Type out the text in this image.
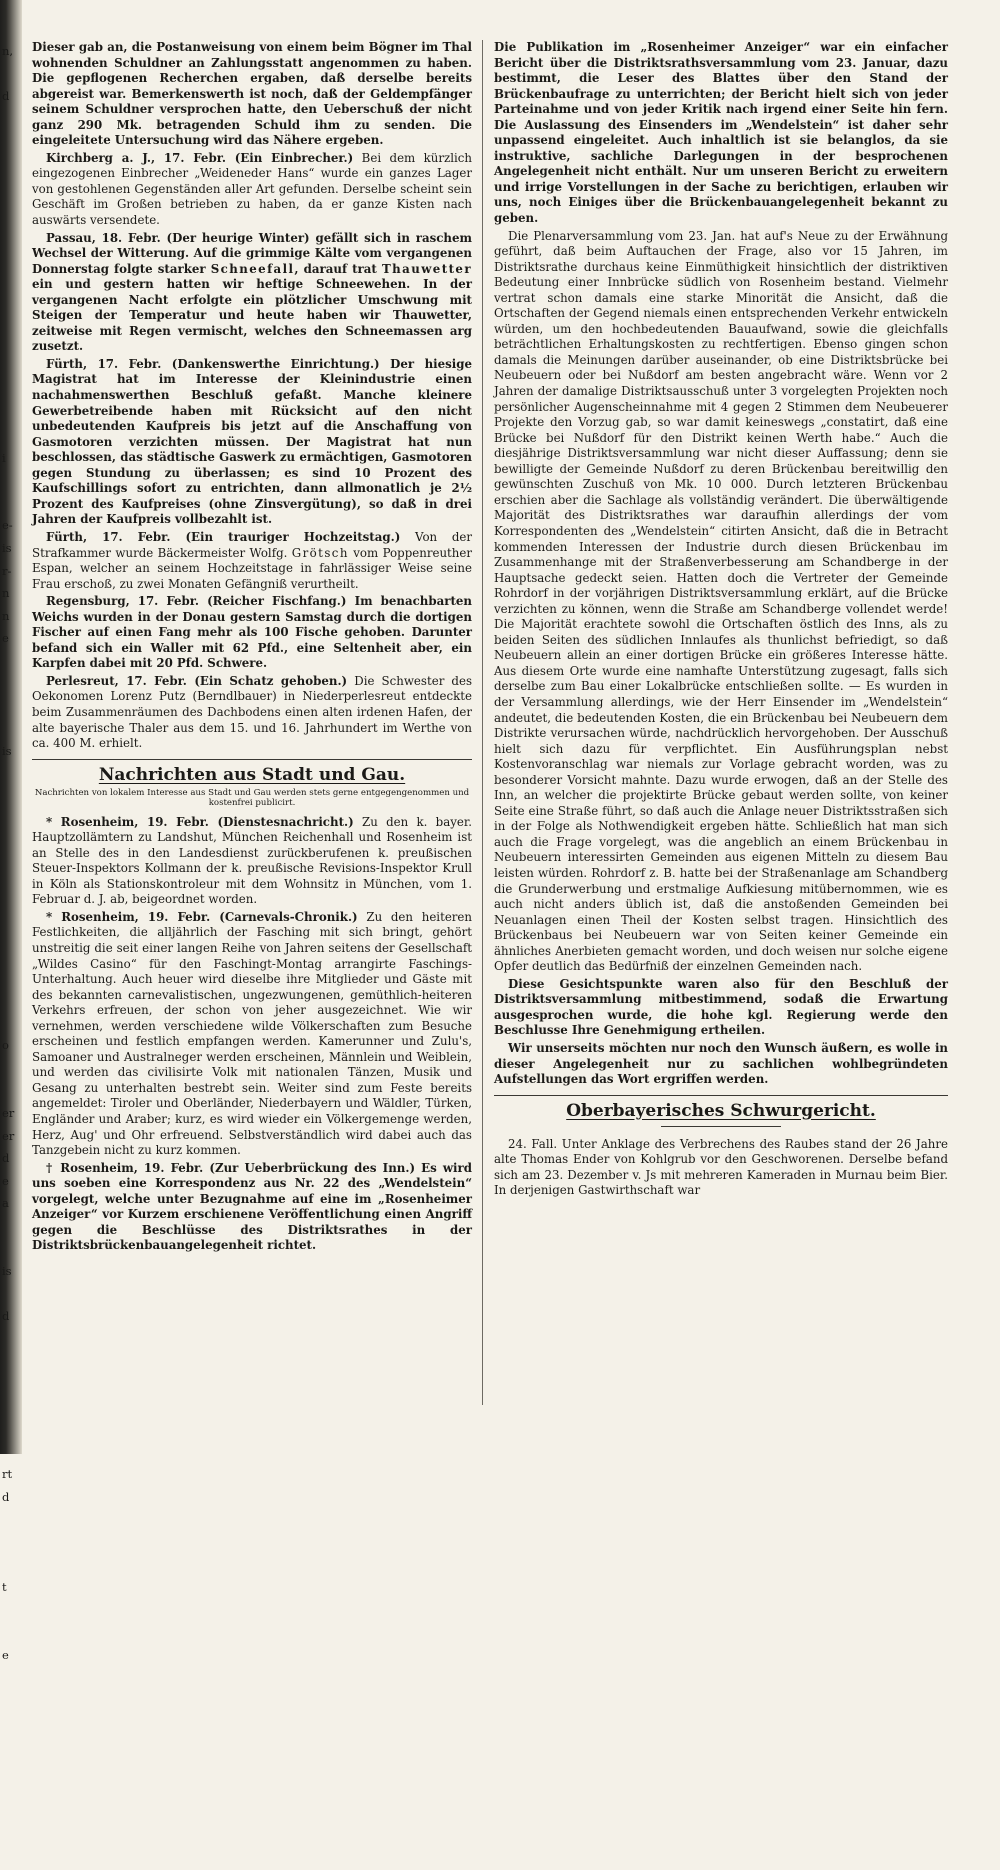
n,

d

i

e-
is
r-
n
n
e

is

o

er
er
d
e
a

is

d

rt
d

t

e

Dieser gab an, die Postanweisung von einem beim Bögner im Thal wohnenden Schuldner an Zahlungsstatt angenommen zu haben. Die gepflogenen Recherchen ergaben, daß derselbe bereits abgereist war. Bemerkenswerth ist noch, daß der Geldempfänger seinem Schuldner versprochen hatte, den Ueberschuß der nicht ganz 290 Mk. betragenden Schuld ihm zu senden. Die eingeleitete Untersuchung wird das Nähere ergeben.

Kirchberg a. J., 17. Febr. (Ein Einbrecher.) Bei dem kürzlich eingezogenen Einbrecher „Weideneder Hans“ wurde ein ganzes Lager von gestohlenen Gegenständen aller Art gefunden. Derselbe scheint sein Geschäft im Großen betrieben zu haben, da er ganze Kisten nach auswärts versendete.

Passau, 18. Febr. (Der heurige Winter) gefällt sich in raschem Wechsel der Witterung. Auf die grimmige Kälte vom vergangenen Donnerstag folgte starker Schneefall, darauf trat Thauwetter ein und gestern hatten wir heftige Schneewehen. In der vergangenen Nacht erfolgte ein plötzlicher Umschwung mit Steigen der Temperatur und heute haben wir Thauwetter, zeitweise mit Regen vermischt, welches den Schneemassen arg zusetzt.

Fürth, 17. Febr. (Dankenswerthe Einrichtung.) Der hiesige Magistrat hat im Interesse der Kleinindustrie einen nachahmenswerthen Beschluß gefaßt. Manche kleinere Gewerbetreibende haben mit Rücksicht auf den nicht unbedeutenden Kaufpreis bis jetzt auf die Anschaffung von Gasmotoren verzichten müssen. Der Magistrat hat nun beschlossen, das städtische Gaswerk zu ermächtigen, Gasmotoren gegen Stundung zu überlassen; es sind 10 Prozent des Kaufschillings sofort zu entrichten, dann allmonatlich je 2½ Prozent des Kaufpreises (ohne Zinsvergütung), so daß in drei Jahren der Kaufpreis vollbezahlt ist.

Fürth, 17. Febr. (Ein trauriger Hochzeitstag.) Von der Strafkammer wurde Bäckermeister Wolfg. Grötsch vom Poppenreuther Espan, welcher an seinem Hochzeitstage in fahrlässiger Weise seine Frau erschoß, zu zwei Monaten Gefängniß verurtheilt.

Regensburg, 17. Febr. (Reicher Fischfang.) Im benachbarten Weichs wurden in der Donau gestern Samstag durch die dortigen Fischer auf einen Fang mehr als 100 Fische gehoben. Darunter befand sich ein Waller mit 62 Pfd., eine Seltenheit aber, ein Karpfen dabei mit 20 Pfd. Schwere.

Perlesreut, 17. Febr. (Ein Schatz gehoben.) Die Schwester des Oekonomen Lorenz Putz (Berndlbauer) in Niederperlesreut entdeckte beim Zusammenräumen des Dachbodens einen alten irdenen Hafen, der alte bayerische Thaler aus dem 15. und 16. Jahrhundert im Werthe von ca. 400 M. erhielt.

Nachrichten aus Stadt und Gau.
Nachrichten von lokalem Interesse aus Stadt und Gau werden stets gerne entgegengenommen und kostenfrei publicirt.

* Rosenheim, 19. Febr. (Dienstesnachricht.) Zu den k. bayer. Hauptzollämtern zu Landshut, München Reichenhall und Rosenheim ist an Stelle des in den Landesdienst zurückberufenen k. preußischen Steuer-Inspektors Kollmann der k. preußische Revisions-Inspektor Krull in Köln als Stationskontroleur mit dem Wohnsitz in München, vom 1. Februar d. J. ab, beigeordnet worden.

* Rosenheim, 19. Febr. (Carnevals-Chronik.) Zu den heiteren Festlichkeiten, die alljährlich der Fasching mit sich bringt, gehört unstreitig die seit einer langen Reihe von Jahren seitens der Gesellschaft „Wildes Casino“ für den Faschingt-Montag arrangirte Faschings-Unterhaltung. Auch heuer wird dieselbe ihre Mitglieder und Gäste mit des bekannten carnevalistischen, ungezwungenen, gemüthlich-heiteren Verkehrs erfreuen, der schon von jeher ausgezeichnet. Wie wir vernehmen, werden verschiedene wilde Völkerschaften zum Besuche erscheinen und festlich empfangen werden. Kamerunner und Zulu's, Samoaner und Australneger werden erscheinen, Männlein und Weiblein, und werden das civilisirte Volk mit nationalen Tänzen, Musik und Gesang zu unterhalten bestrebt sein. Weiter sind zum Feste bereits angemeldet: Tiroler und Oberländer, Niederbayern und Wäldler, Türken, Engländer und Araber; kurz, es wird wieder ein Völkergemenge werden, Herz, Aug' und Ohr erfreuend. Selbstverständlich wird dabei auch das Tanzgebein nicht zu kurz kommen.

† Rosenheim, 19. Febr. (Zur Ueberbrückung des Inn.) Es wird uns soeben eine Korrespondenz aus Nr. 22 des „Wendelstein“ vorgelegt, welche unter Bezugnahme auf eine im „Rosenheimer Anzeiger“ vor Kurzem erschienene Veröffentlichung einen Angriff gegen die Beschlüsse des Distriktsrathes in der Distriktsbrückenbauangelegenheit richtet.

Die Publikation im „Rosenheimer Anzeiger“ war ein einfacher Bericht über die Distriktsrathsversammlung vom 23. Januar, dazu bestimmt, die Leser des Blattes über den Stand der Brückenbaufrage zu unterrichten; der Bericht hielt sich von jeder Parteinahme und von jeder Kritik nach irgend einer Seite hin fern. Die Auslassung des Einsenders im „Wendelstein“ ist daher sehr unpassend eingeleitet. Auch inhaltlich ist sie belanglos, da sie instruktive, sachliche Darlegungen in der besprochenen Angelegenheit nicht enthält. Nur um unseren Bericht zu erweitern und irrige Vorstellungen in der Sache zu berichtigen, erlauben wir uns, noch Einiges über die Brückenbauangelegenheit bekannt zu geben.

Die Plenarversammlung vom 23. Jan. hat auf's Neue zu der Erwähnung geführt, daß beim Auftauchen der Frage, also vor 15 Jahren, im Distriktsrathe durchaus keine Einmüthigkeit hinsichtlich der distriktiven Bedeutung einer Innbrücke südlich von Rosenheim bestand. Vielmehr vertrat schon damals eine starke Minorität die Ansicht, daß die Ortschaften der Gegend niemals einen entsprechenden Verkehr entwickeln würden, um den hochbedeutenden Bauaufwand, sowie die gleichfalls beträchtlichen Erhaltungskosten zu rechtfertigen. Ebenso gingen schon damals die Meinungen darüber auseinander, ob eine Distriktsbrücke bei Neubeuern oder bei Nußdorf am besten angebracht wäre. Wenn vor 2 Jahren der damalige Distriktsausschuß unter 3 vorgelegten Projekten noch persönlicher Augenscheinnahme mit 4 gegen 2 Stimmen dem Neubeuerer Projekte den Vorzug gab, so war damit keineswegs „constatirt, daß eine Brücke bei Nußdorf für den Distrikt keinen Werth habe.“ Auch die diesjährige Distriktsversammlung war nicht dieser Auffassung; denn sie bewilligte der Gemeinde Nußdorf zu deren Brückenbau bereitwillig den gewünschten Zuschuß von Mk. 10 000. Durch letzteren Brückenbau erschien aber die Sachlage als vollständig verändert. Die überwältigende Majorität des Distriktsrathes war daraufhin allerdings der vom Korrespondenten des „Wendelstein“ citirten Ansicht, daß die in Betracht kommenden Interessen der Industrie durch diesen Brückenbau im Zusammenhange mit der Straßenverbesserung am Schandberge in der Hauptsache gedeckt seien. Hatten doch die Vertreter der Gemeinde Rohrdorf in der vorjährigen Distriktsversammlung erklärt, auf die Brücke verzichten zu können, wenn die Straße am Schandberge vollendet werde! Die Majorität erachtete sowohl die Ortschaften östlich des Inns, als zu beiden Seiten des südlichen Innlaufes als thunlichst befriedigt, so daß Neubeuern allein an einer dortigen Brücke ein größeres Interesse hätte. Aus diesem Orte wurde eine namhafte Unterstützung zugesagt, falls sich derselbe zum Bau einer Lokalbrücke entschließen sollte. — Es wurden in der Versammlung allerdings, wie der Herr Einsender im „Wendelstein“ andeutet, die bedeutenden Kosten, die ein Brückenbau bei Neubeuern dem Distrikte verursachen würde, nachdrücklich hervorgehoben. Der Ausschuß hielt sich dazu für verpflichtet. Ein Ausführungsplan nebst Kostenvoranschlag war niemals zur Vorlage gebracht worden, was zu besonderer Vorsicht mahnte. Dazu wurde erwogen, daß an der Stelle des Inn, an welcher die projektirte Brücke gebaut werden sollte, von keiner Seite eine Straße führt, so daß auch die Anlage neuer Distriktsstraßen sich in der Folge als Nothwendigkeit ergeben hätte. Schließlich hat man sich auch die Frage vorgelegt, was die angeblich an einem Brückenbau in Neubeuern interessirten Gemeinden aus eigenen Mitteln zu diesem Bau leisten würden. Rohrdorf z. B. hatte bei der Straßenanlage am Schandberg die Grunderwerbung und erstmalige Aufkiesung mitübernommen, wie es auch nicht anders üblich ist, daß die anstoßenden Gemeinden bei Neuanlagen einen Theil der Kosten selbst tragen. Hinsichtlich des Brückenbaus bei Neubeuern war von Seiten keiner Gemeinde ein ähnliches Anerbieten gemacht worden, und doch weisen nur solche eigene Opfer deutlich das Bedürfniß der einzelnen Gemeinden nach.

Diese Gesichtspunkte waren also für den Beschluß der Distriktsversammlung mitbestimmend, sodaß die Erwartung ausgesprochen wurde, die hohe kgl. Regierung werde den Beschlusse Ihre Genehmigung ertheilen.

Wir unserseits möchten nur noch den Wunsch äußern, es wolle in dieser Angelegenheit nur zu sachlichen wohlbegründeten Aufstellungen das Wort ergriffen werden.

Oberbayerisches Schwurgericht.

24. Fall. Unter Anklage des Verbrechens des Raubes stand der 26 Jahre alte Thomas Ender von Kohlgrub vor den Geschworenen. Derselbe befand sich am 23. Dezember v. Js mit mehreren Kameraden in Murnau beim Bier. In derjenigen Gastwirthschaft war
